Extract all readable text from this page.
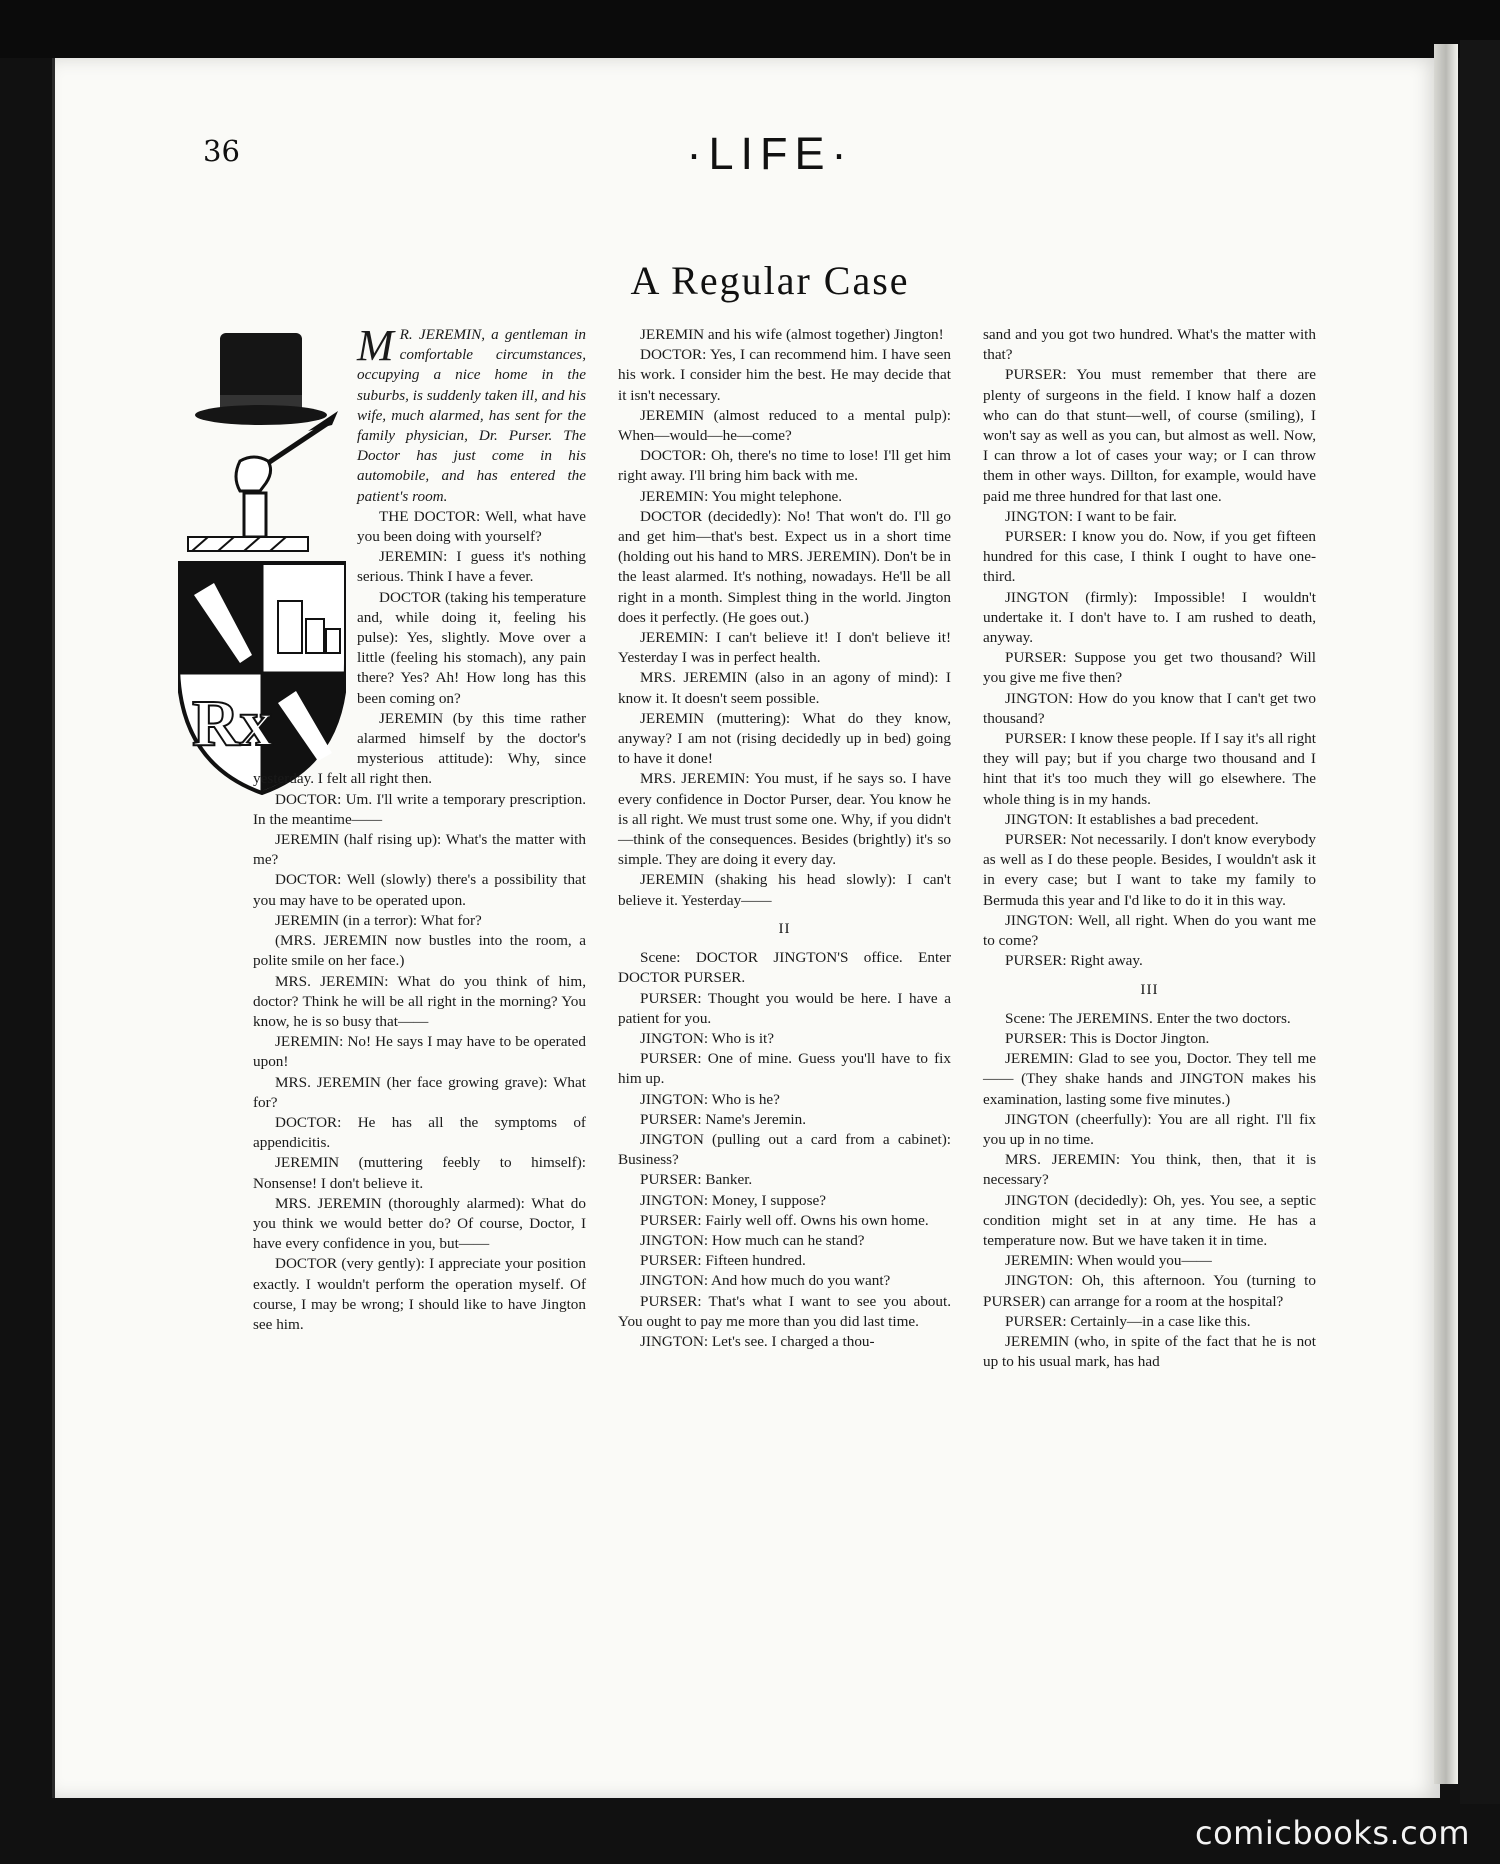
36	·LIFE·
A Regular Case
Rx

M R. JEREMIN, a gentleman in comfortable circumstances, occupying a nice home in the suburbs, is suddenly taken ill, and his wife, much alarmed, has sent for the family physician, Dr. Purser. The Doctor has just come in his automobile, and has entered the patient's room.

THE DOCTOR: Well, what have you been doing with yourself?

JEREMIN: I guess it's nothing serious. Think I have a fever.

DOCTOR (taking his temperature and, while doing it, feeling his pulse): Yes, slightly. Move over a little (feeling his stomach), any pain there? Yes? Ah! How long has this been coming on?

JEREMIN (by this time rather alarmed himself by the doctor's mysterious attitude): Why, since yesterday. I felt all right then.

DOCTOR: Um. I'll write a temporary prescription. In the meantime——

JEREMIN (half rising up): What's the matter with me?

DOCTOR: Well (slowly) there's a possibility that you may have to be operated upon.

JEREMIN (in a terror): What for?

(MRS. JEREMIN now bustles into the room, a polite smile on her face.)

MRS. JEREMIN: What do you think of him, doctor? Think he will be all right in the morning? You know, he is so busy that——

JEREMIN: No! He says I may have to be operated upon!

MRS. JEREMIN (her face growing grave): What for?

DOCTOR: He has all the symptoms of appendicitis.

JEREMIN (muttering feebly to himself): Nonsense! I don't believe it.

MRS. JEREMIN (thoroughly alarmed): What do you think we would better do? Of course, Doctor, I have every confidence in you, but——

DOCTOR (very gently): I appreciate your position exactly. I wouldn't perform the operation myself. Of course, I may be wrong; I should like to have Jington see him.

JEREMIN and his wife (almost together) Jington!

DOCTOR: Yes, I can recommend him. I have seen his work. I consider him the best. He may decide that it isn't necessary.

JEREMIN (almost reduced to a mental pulp): When—would—he—come?

DOCTOR: Oh, there's no time to lose! I'll get him right away. I'll bring him back with me.

JEREMIN: You might telephone.

DOCTOR (decidedly): No! That won't do. I'll go and get him—that's best. Expect us in a short time (holding out his hand to MRS. JEREMIN). Don't be in the least alarmed. It's nothing, nowadays. He'll be all right in a month. Simplest thing in the world. Jington does it perfectly. (He goes out.)

JEREMIN: I can't believe it! I don't believe it! Yesterday I was in perfect health.

MRS. JEREMIN (also in an agony of mind): I know it. It doesn't seem possible.

JEREMIN (muttering): What do they know, anyway? I am not (rising decidedly up in bed) going to have it done!

MRS. JEREMIN: You must, if he says so. I have every confidence in Doctor Purser, dear. You know he is all right. We must trust some one. Why, if you didn't—think of the consequences. Besides (brightly) it's so simple. They are doing it every day.

JEREMIN (shaking his head slowly): I can't believe it. Yesterday——

II

Scene: DOCTOR JINGTON'S office. Enter DOCTOR PURSER.

PURSER: Thought you would be here. I have a patient for you.

JINGTON: Who is it?

PURSER: One of mine. Guess you'll have to fix him up.

JINGTON: Who is he?

PURSER: Name's Jeremin.

JINGTON (pulling out a card from a cabinet): Business?

PURSER: Banker.

JINGTON: Money, I suppose?

PURSER: Fairly well off. Owns his own home.

JINGTON: How much can he stand?

PURSER: Fifteen hundred.

JINGTON: And how much do you want?

PURSER: That's what I want to see you about. You ought to pay me more than you did last time.

JINGTON: Let's see. I charged a thou-

sand and you got two hundred. What's the matter with that?

PURSER: You must remember that there are plenty of surgeons in the field. I know half a dozen who can do that stunt—well, of course (smiling), I won't say as well as you can, but almost as well. Now, I can throw a lot of cases your way; or I can throw them in other ways. Dillton, for example, would have paid me three hundred for that last one.

JINGTON: I want to be fair.

PURSER: I know you do. Now, if you get fifteen hundred for this case, I think I ought to have one-third.

JINGTON (firmly): Impossible! I wouldn't undertake it. I don't have to. I am rushed to death, anyway.

PURSER: Suppose you get two thousand? Will you give me five then?

JINGTON: How do you know that I can't get two thousand?

PURSER: I know these people. If I say it's all right they will pay; but if you charge two thousand and I hint that it's too much they will go elsewhere. The whole thing is in my hands.

JINGTON: It establishes a bad precedent.

PURSER: Not necessarily. I don't know everybody as well as I do these people. Besides, I wouldn't ask it in every case; but I want to take my family to Bermuda this year and I'd like to do it in this way.

JINGTON: Well, all right. When do you want me to come?

PURSER: Right away.

III

Scene: The JEREMINS. Enter the two doctors.

PURSER: This is Doctor Jington.

JEREMIN: Glad to see you, Doctor. They tell me—— (They shake hands and JINGTON makes his examination, lasting some five minutes.)

JINGTON (cheerfully): You are all right. I'll fix you up in no time.

MRS. JEREMIN: You think, then, that it is necessary?

JINGTON (decidedly): Oh, yes. You see, a septic condition might set in at any time. He has a temperature now. But we have taken it in time.

JEREMIN: When would you——

JINGTON: Oh, this afternoon. You (turning to PURSER) can arrange for a room at the hospital?

PURSER: Certainly—in a case like this.

JEREMIN (who, in spite of the fact that he is not up to his usual mark, has had

comicbooks.com
